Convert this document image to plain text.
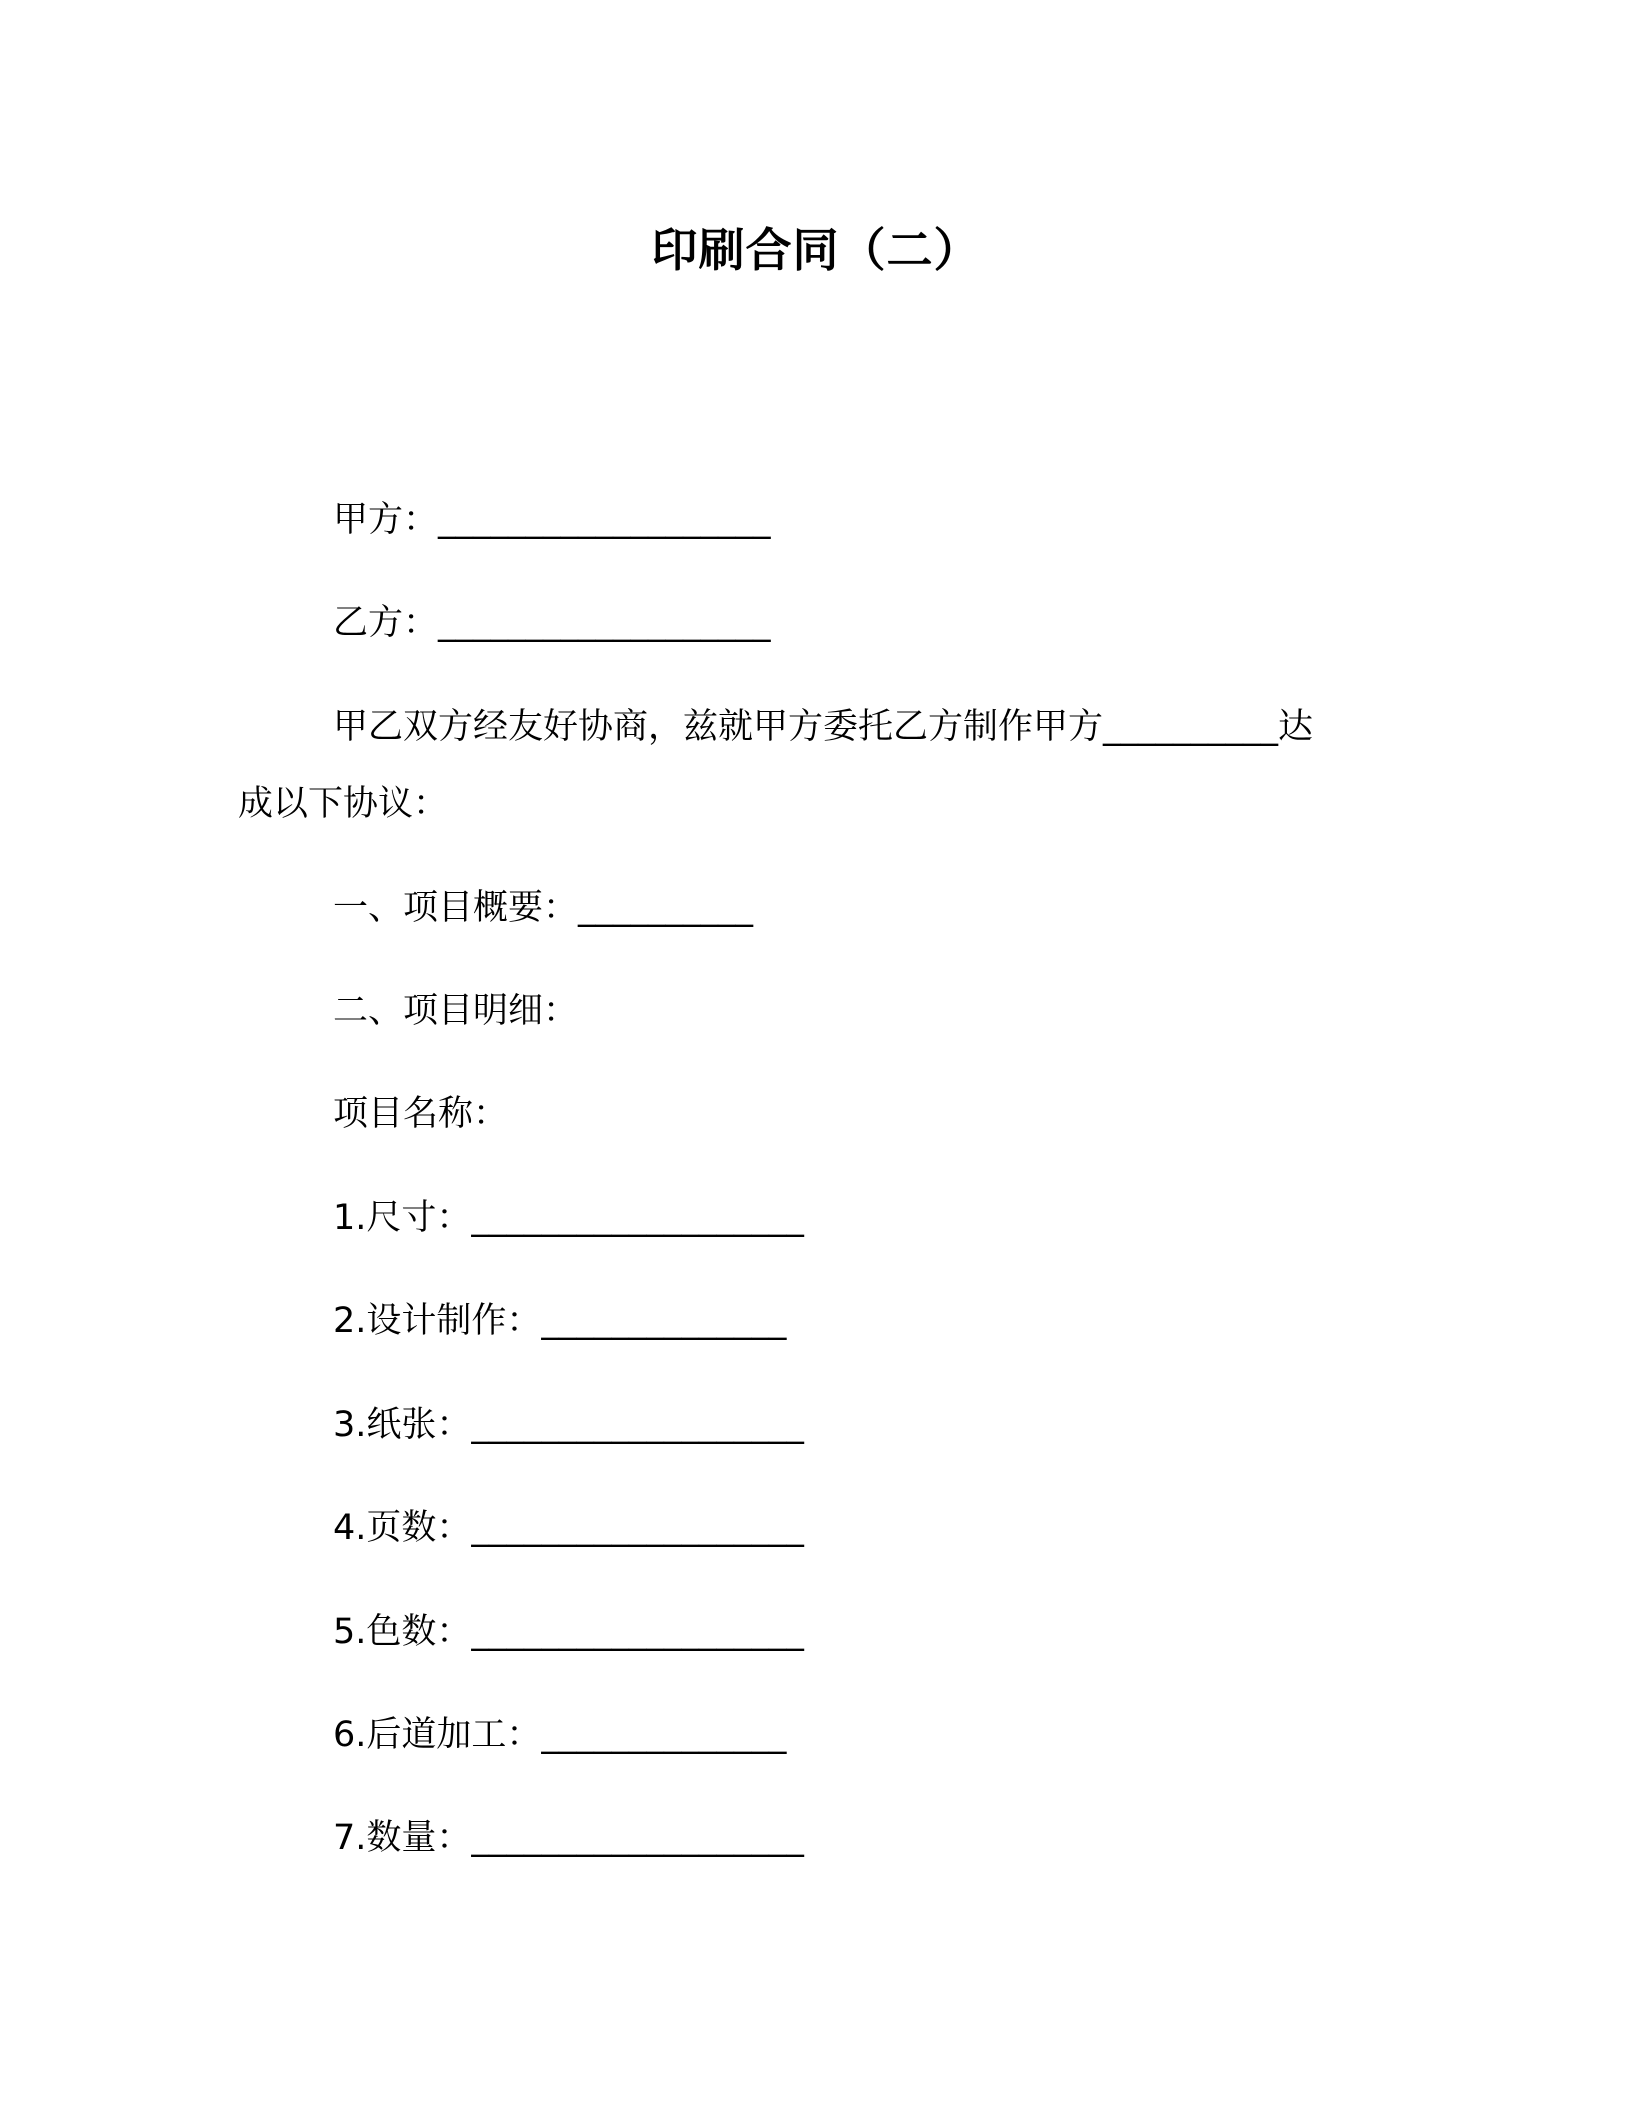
印刷合同（二）
甲方：___________________
乙方：___________________
甲乙双方经友好协商，兹就甲方委托乙方制作甲方__________达
成以下协议：
一、项目概要：__________
二、项目明细：
项目名称：
1.尺寸：___________________
2.设计制作：______________
3.纸张：___________________
4.页数：___________________
5.色数：___________________
6.后道加工：______________
7.数量：___________________
